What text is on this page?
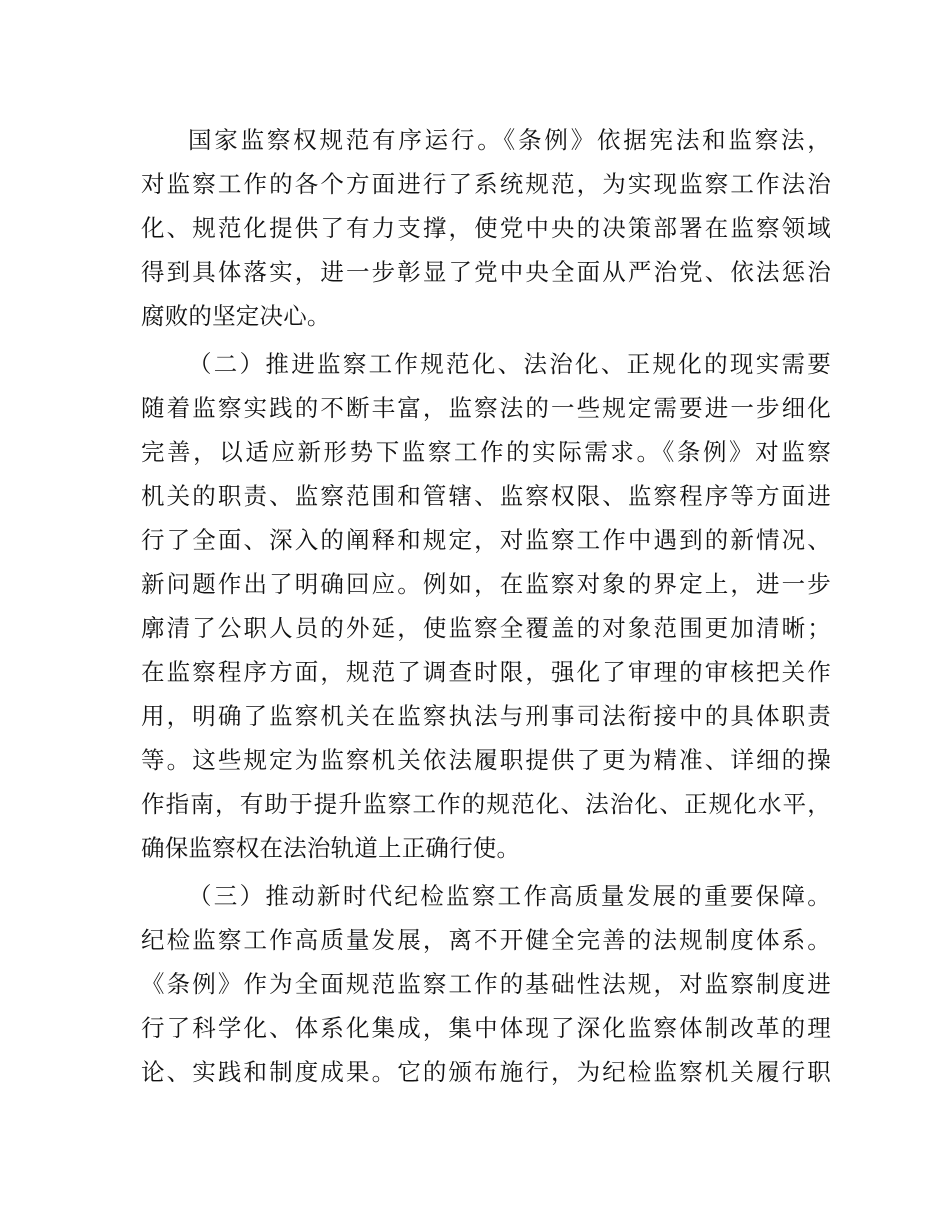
国家监察权规范有序运行。《条例》依据宪法和监察法，
对监察工作的各个方面进行了系统规范，为实现监察工作法治
化、规范化提供了有力支撑，使党中央的决策部署在监察领域
得到具体落实，进一步彰显了党中央全面从严治党、依法惩治
腐败的坚定决心。
（二）推进监察工作规范化、法治化、正规化的现实需要
随着监察实践的不断丰富，监察法的一些规定需要进一步细化
完善，以适应新形势下监察工作的实际需求。《条例》对监察
机关的职责、监察范围和管辖、监察权限、监察程序等方面进
行了全面、深入的阐释和规定，对监察工作中遇到的新情况、
新问题作出了明确回应。例如，在监察对象的界定上，进一步
廓清了公职人员的外延，使监察全覆盖的对象范围更加清晰；
在监察程序方面，规范了调查时限，强化了审理的审核把关作
用，明确了监察机关在监察执法与刑事司法衔接中的具体职责
等。这些规定为监察机关依法履职提供了更为精准、详细的操
作指南，有助于提升监察工作的规范化、法治化、正规化水平，
确保监察权在法治轨道上正确行使。
（三）推动新时代纪检监察工作高质量发展的重要保障。
纪检监察工作高质量发展，离不开健全完善的法规制度体系。
《条例》作为全面规范监察工作的基础性法规，对监察制度进
行了科学化、体系化集成，集中体现了深化监察体制改革的理
论、实践和制度成果。它的颁布施行，为纪检监察机关履行职
